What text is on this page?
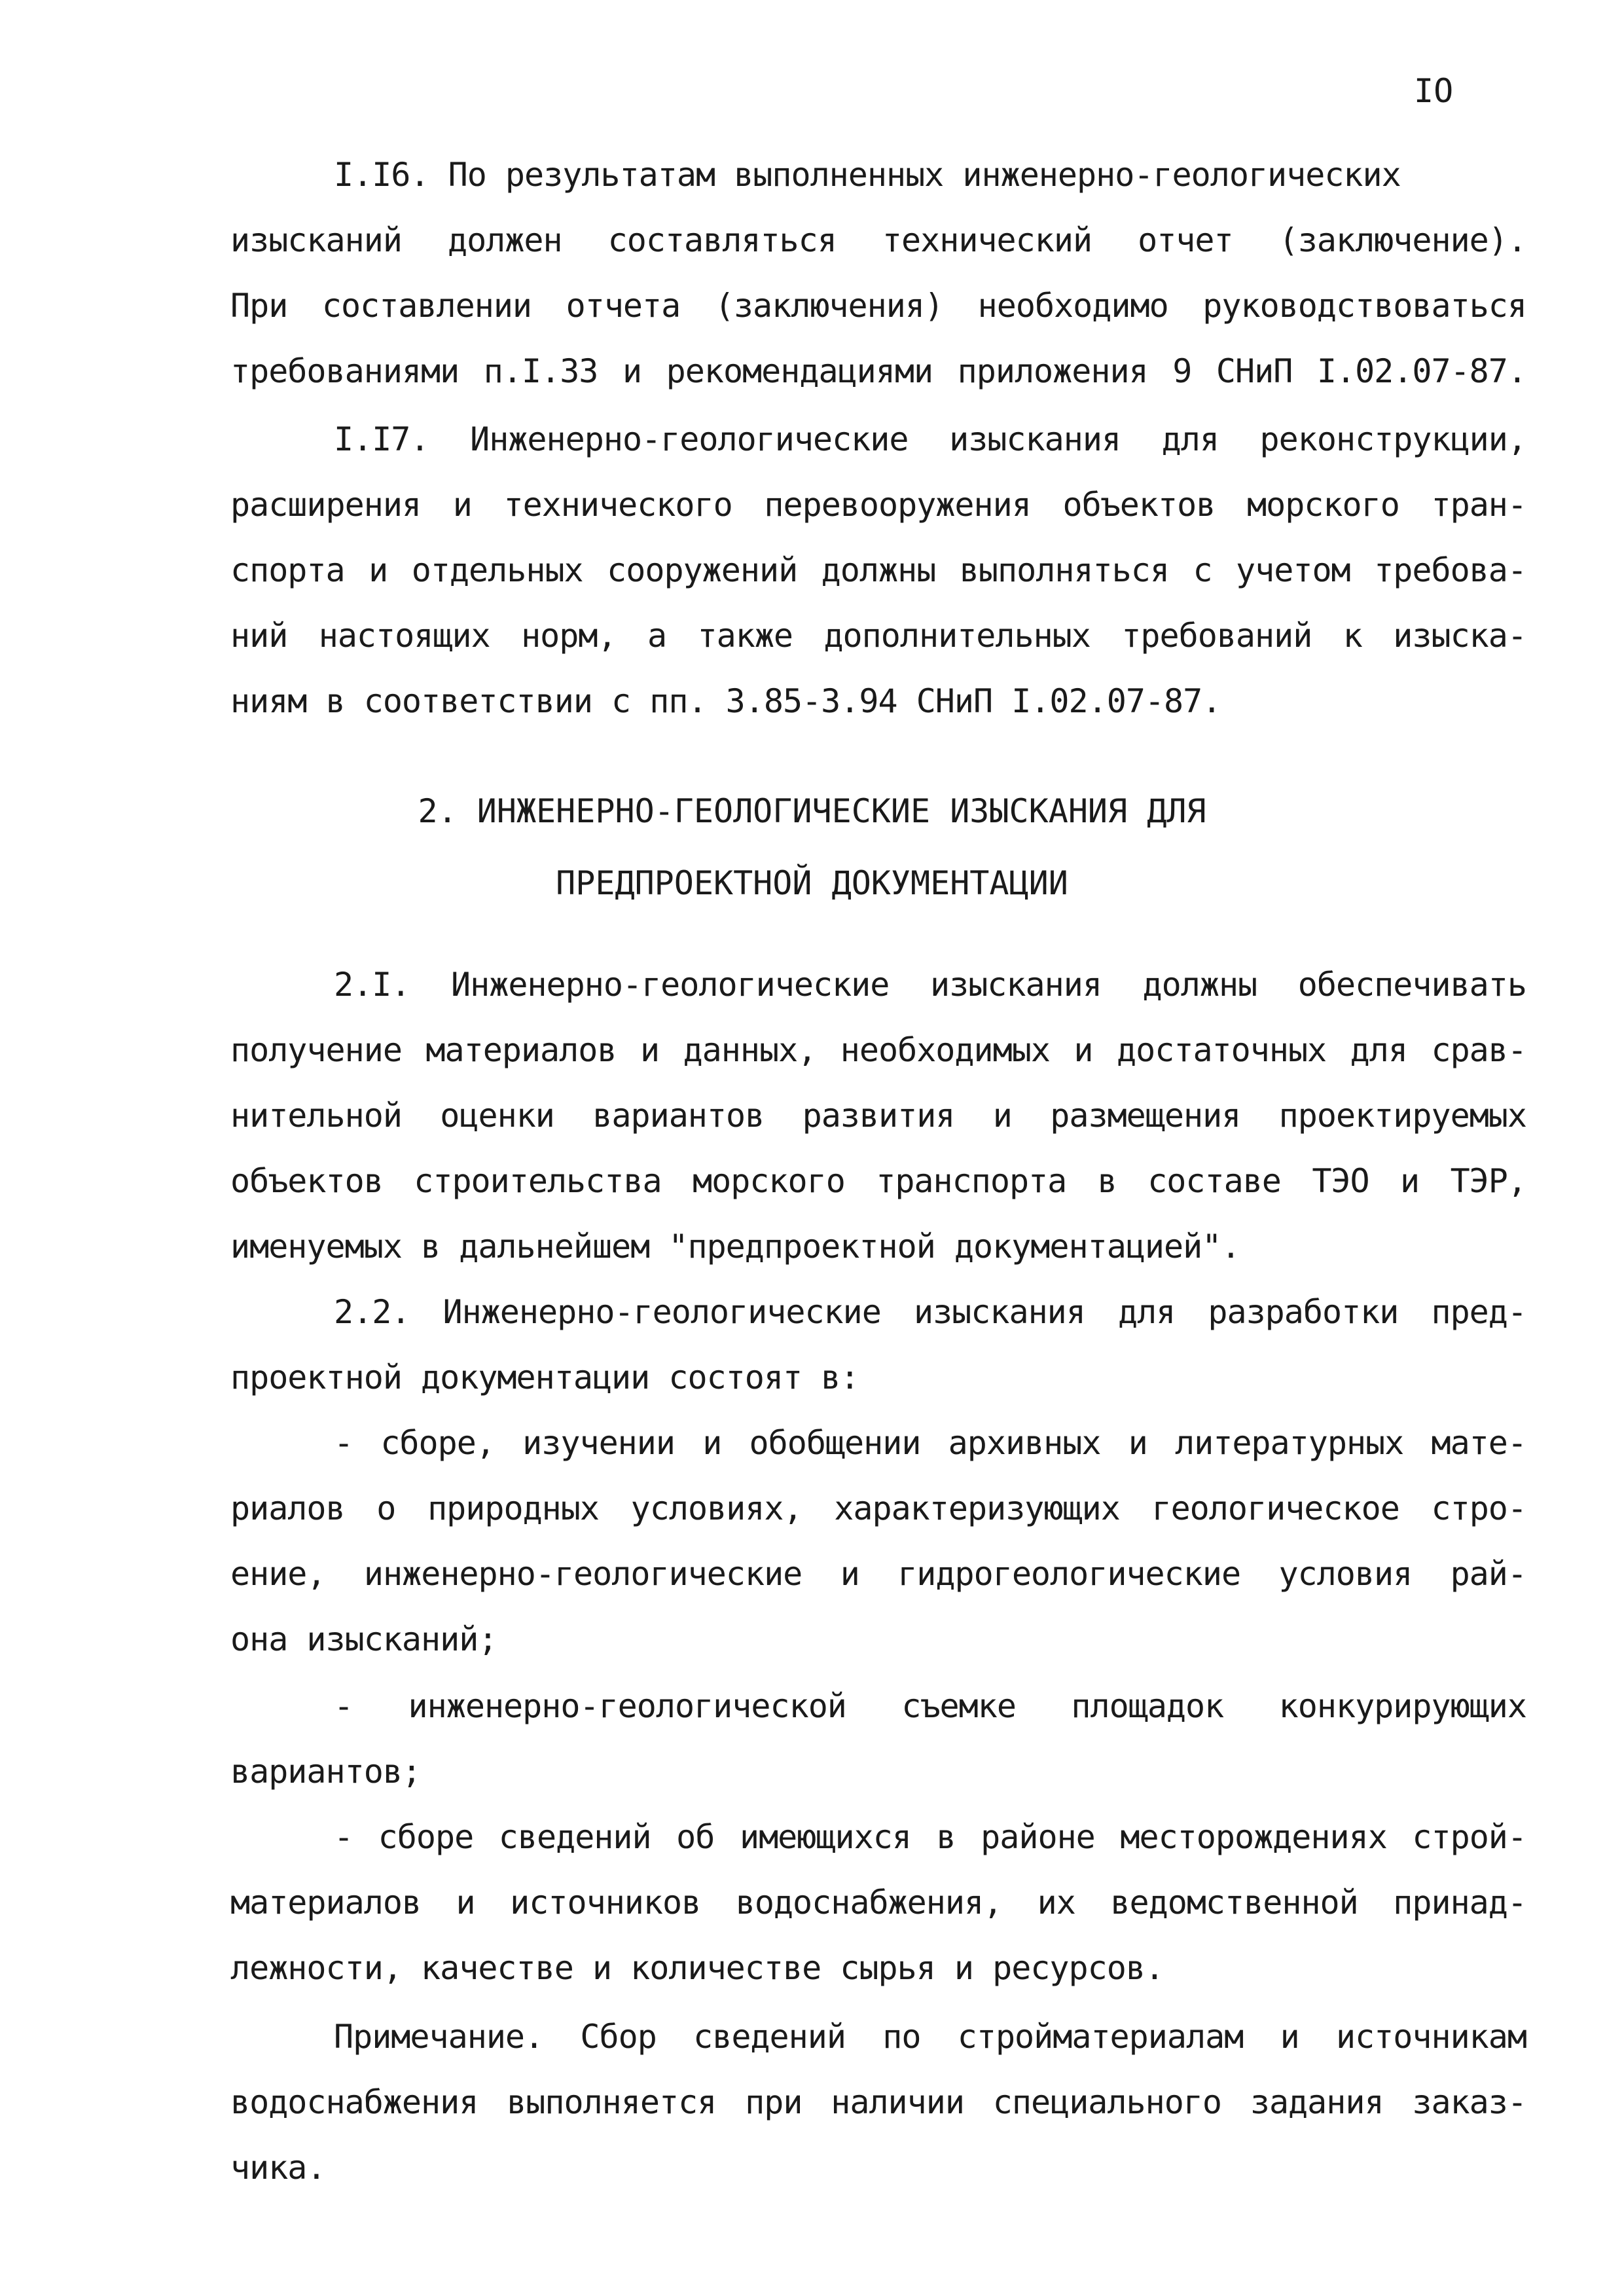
IO
I.I6. По результатам выполненных инженерно-геологических
изысканий должен составляться технический отчет (заключение).
При составлении отчета (заключения) необходимо руководствоваться
требованиями п.I.33 и рекомендациями приложения 9 СНиП I.02.07-87.
I.I7. Инженерно-геологические изыскания для реконструкции,
расширения и технического перевооружения объектов морского тран-
спорта и отдельных сооружений должны выполняться с учетом требова-
ний настоящих норм, а также дополнительных требований к изыска-
ниям в соответствии с пп. 3.85-3.94 СНиП I.02.07-87.
2. ИНЖЕНЕРНО-ГЕОЛОГИЧЕСКИЕ ИЗЫСКАНИЯ ДЛЯ
ПРЕДПРОЕКТНОЙ ДОКУМЕНТАЦИИ
2.I. Инженерно-геологические изыскания должны обеспечивать
получение материалов и данных, необходимых и достаточных для срав-
нительной оценки вариантов развития и размещения проектируемых
объектов строительства морского транспорта в составе ТЭО и ТЭР,
именуемых в дальнейшем "предпроектной документацией".
2.2. Инженерно-геологические изыскания для разработки пред-
проектной документации состоят в:
- сборе, изучении и обобщении архивных и литературных мате-
риалов о природных условиях, характеризующих геологическое стро-
ение, инженерно-геологические и гидрогеологические условия рай-
она изысканий;
- инженерно-геологической съемке площадок конкурирующих
вариантов;
- сборе сведений об имеющихся в районе месторождениях строй-
материалов и источников водоснабжения, их ведомственной принад-
лежности, качестве и количестве сырья и ресурсов.
Примечание. Сбор сведений по стройматериалам и источникам
водоснабжения выполняется при наличии специального задания заказ-
чика.
